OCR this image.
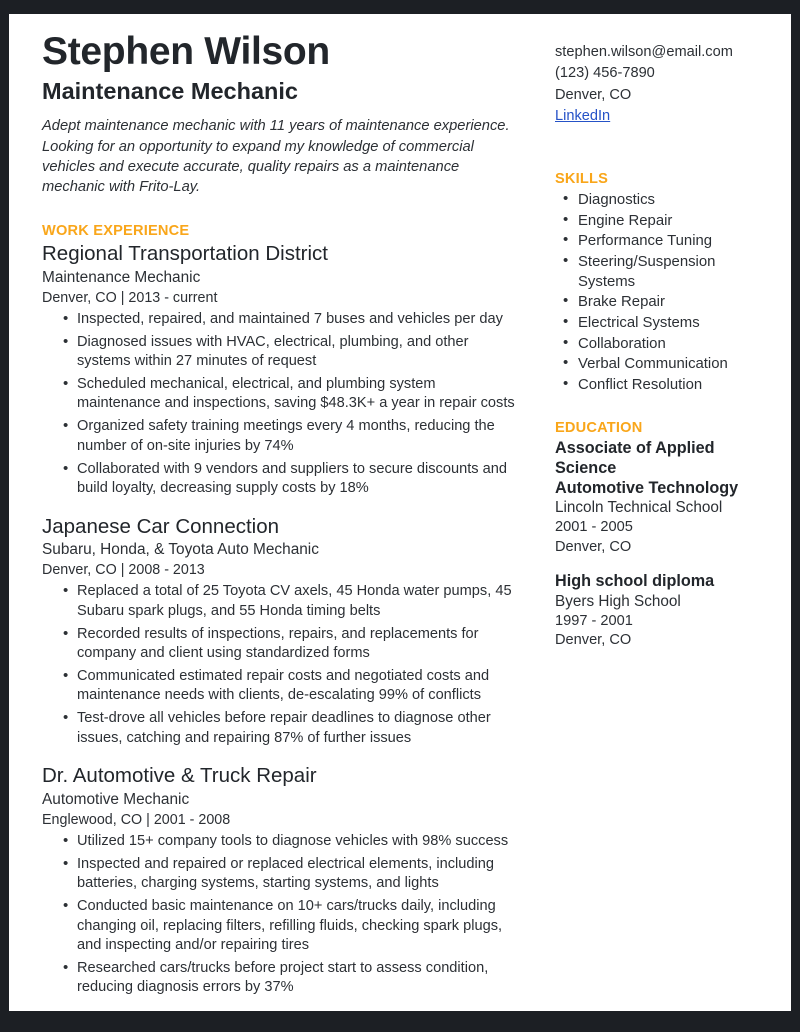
Stephen Wilson
Maintenance Mechanic

Adept maintenance mechanic with 11 years of maintenance experience. Looking for an opportunity to expand my knowledge of commercial vehicles and execute accurate, quality repairs as a maintenance mechanic with Frito-Lay.

WORK EXPERIENCE
Regional Transportation District
Maintenance Mechanic
Denver, CO | 2013 - current
• Inspected, repaired, and maintained 7 buses and vehicles per day
• Diagnosed issues with HVAC, electrical, plumbing, and other systems within 27 minutes of request
• Scheduled mechanical, electrical, and plumbing system maintenance and inspections, saving $48.3K+ a year in repair costs
• Organized safety training meetings every 4 months, reducing the number of on-site injuries by 74%
• Collaborated with 9 vendors and suppliers to secure discounts and build loyalty, decreasing supply costs by 18%
Japanese Car Connection
Subaru, Honda, & Toyota Auto Mechanic
Denver, CO | 2008 - 2013
• Replaced a total of 25 Toyota CV axels, 45 Honda water pumps, 45 Subaru spark plugs, and 55 Honda timing belts
• Recorded results of inspections, repairs, and replacements for company and client using standardized forms
• Communicated estimated repair costs and negotiated costs and maintenance needs with clients, de-escalating 99% of conflicts
• Test-drove all vehicles before repair deadlines to diagnose other issues, catching and repairing 87% of further issues
Dr. Automotive & Truck Repair
Automotive Mechanic
Englewood, CO | 2001 - 2008
• Utilized 15+ company tools to diagnose vehicles with 98% success
• Inspected and repaired or replaced electrical elements, including batteries, charging systems, starting systems, and lights
• Conducted basic maintenance on 10+ cars/trucks daily, including changing oil, replacing filters, refilling fluids, checking spark plugs, and inspecting and/or repairing tires
• Researched cars/trucks before project start to assess condition, reducing diagnosis errors by 37%
stephen.wilson@email.com
(123) 456-7890
Denver, CO
LinkedIn
SKILLS
• Diagnostics
• Engine Repair
• Performance Tuning
• Steering/Suspension Systems
• Brake Repair
• Electrical Systems
• Collaboration
• Verbal Communication
• Conflict Resolution
EDUCATION
Associate of Applied Science
Automotive Technology
Lincoln Technical School
2001 - 2005
Denver, CO
High school diploma
Byers High School
1997 - 2001
Denver, CO
